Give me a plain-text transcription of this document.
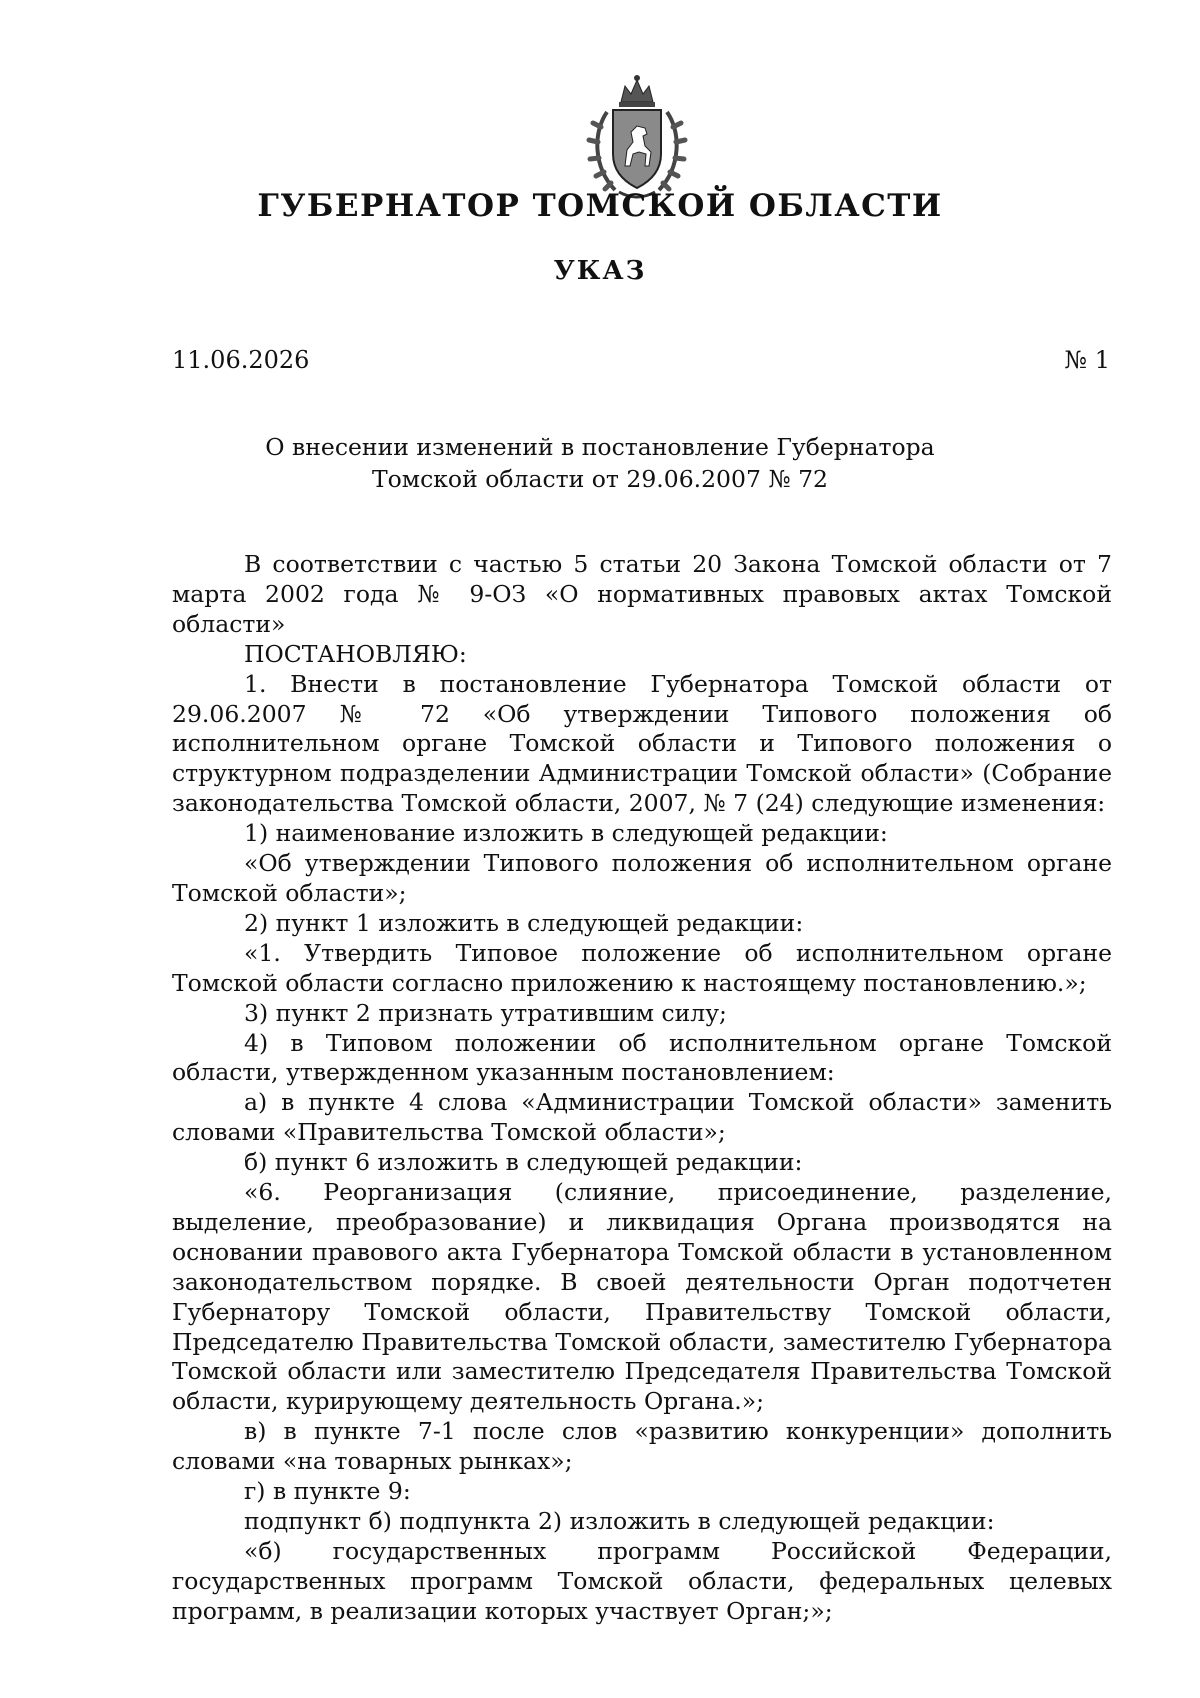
ГУБЕРНАТОР ТОМСКОЙ ОБЛАСТИ
УКАЗ
11.06.2026	№ 1
О внесении изменений в постановление Губернатора
Томской области от 29.06.2007 № 72

В соответствии с частью 5 статьи 20 Закона Томской области от 7 марта 2002 года № 9-ОЗ «О нормативных правовых актах Томской области»

ПОСТАНОВЛЯЮ:

1. Внести в постановление Губернатора Томской области от 29.06.2007 № 72 «Об утверждении Типового положения об исполнительном органе Томской области и Типового положения о структурном подразделении Администрации Томской области» (Собрание законодательства Томской области, 2007, № 7 (24) следующие изменения:

1) наименование изложить в следующей редакции:

«Об утверждении Типового положения об исполнительном органе Томской области»;

2) пункт 1 изложить в следующей редакции:

«1. Утвердить Типовое положение об исполнительном органе Томской области согласно приложению к настоящему постановлению.»;

3) пункт 2 признать утратившим силу;

4) в Типовом положении об исполнительном органе Томской области, утвержденном указанным постановлением:

а) в пункте 4 слова «Администрации Томской области» заменить словами «Правительства Томской области»;

б) пункт 6 изложить в следующей редакции:

«6. Реорганизация (слияние, присоединение, разделение, выделение, преобразование) и ликвидация Органа производятся на основании правового акта Губернатора Томской области в установленном законодательством порядке. В своей деятельности Орган подотчетен Губернатору Томской области, Правительству Томской области, Председателю Правительства Томской области, заместителю Губернатора Томской области или заместителю Председателя Правительства Томской области, курирующему деятельность Органа.»;

в) в пункте 7-1 после слов «развитию конкуренции» дополнить словами «на товарных рынках»;

г) в пункте 9:

подпункт б) подпункта 2) изложить в следующей редакции:

«б) государственных программ Российской Федерации, государственных программ Томской области, федеральных целевых программ, в реализации которых участвует Орган;»;
